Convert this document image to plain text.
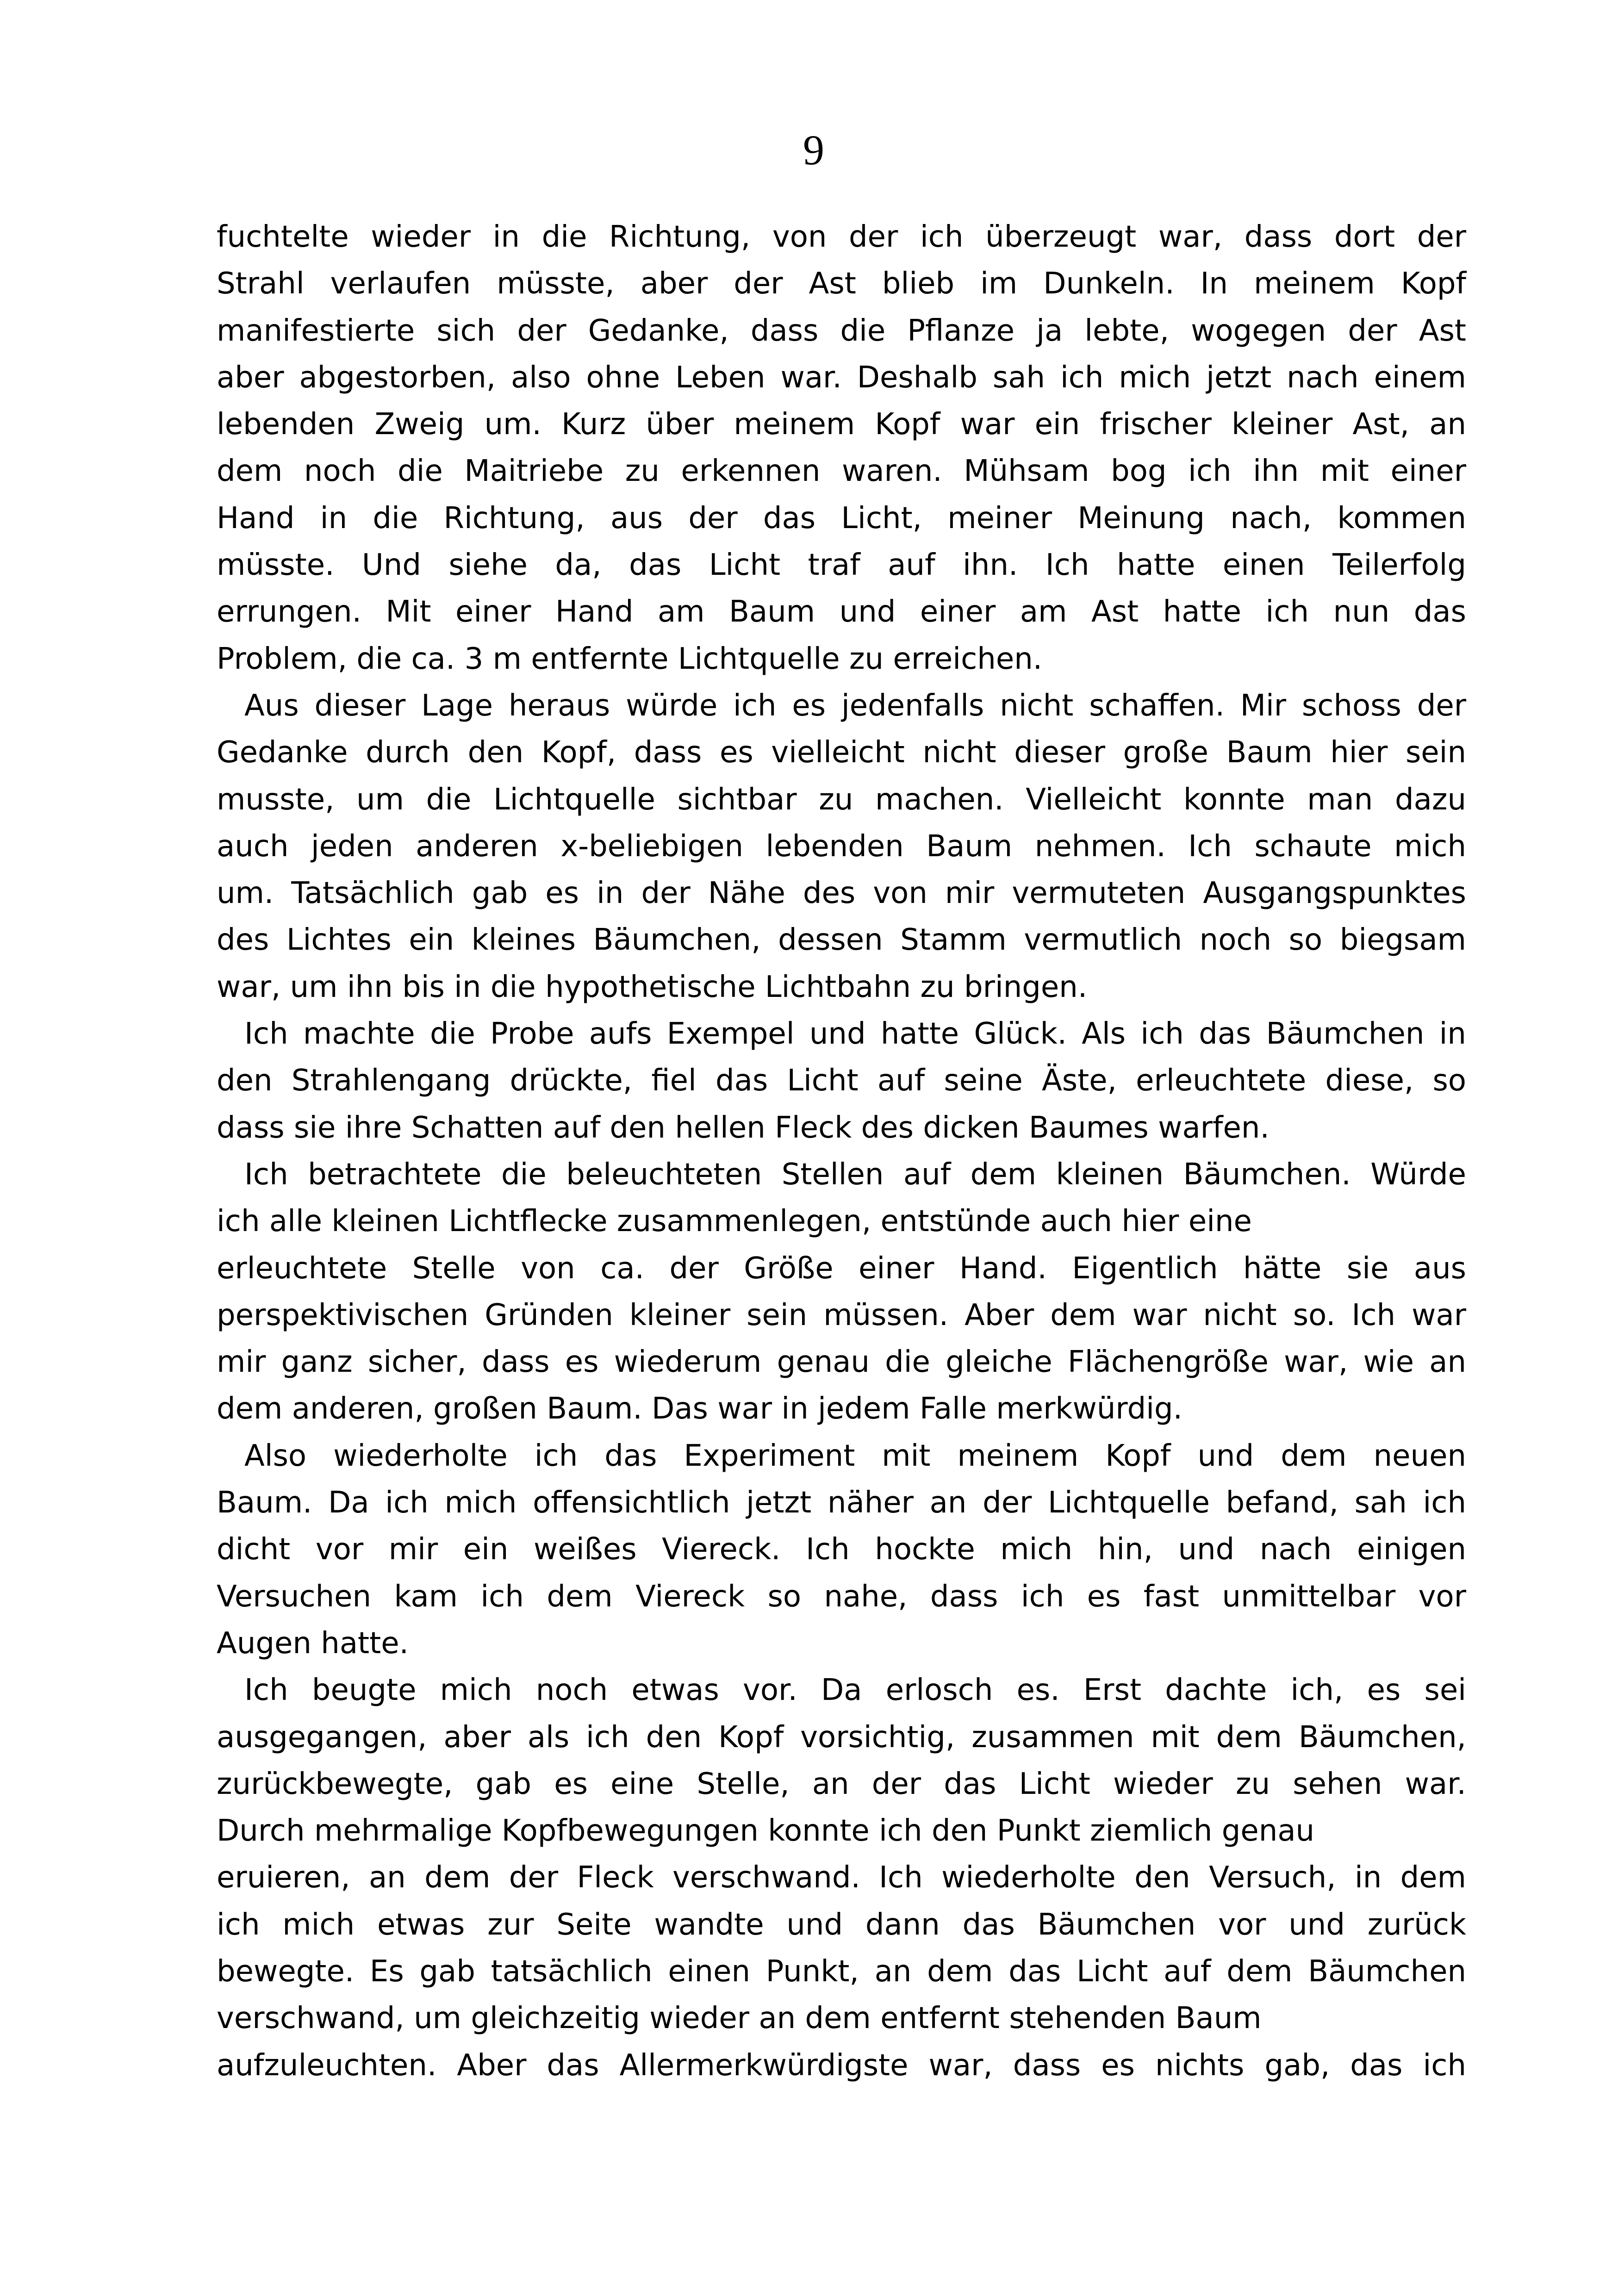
9
fuchtelte wieder in die Richtung, von der ich überzeugt war, dass dort der
Strahl verlaufen müsste, aber der Ast blieb im Dunkeln. In meinem Kopf
manifestierte sich der Gedanke, dass die Pflanze ja lebte, wogegen der Ast
aber abgestorben, also ohne Leben war. Deshalb sah ich mich jetzt nach einem
lebenden Zweig um. Kurz über meinem Kopf war ein frischer kleiner Ast, an
dem noch die Maitriebe zu erkennen waren. Mühsam bog ich ihn mit einer
Hand in die Richtung, aus der das Licht, meiner Meinung nach, kommen
müsste. Und siehe da, das Licht traf auf ihn. Ich hatte einen Teilerfolg
errungen. Mit einer Hand am Baum und einer am Ast hatte ich nun das
Problem, die ca. 3 m entfernte Lichtquelle zu erreichen.
Aus dieser Lage heraus würde ich es jedenfalls nicht schaffen. Mir schoss der
Gedanke durch den Kopf, dass es vielleicht nicht dieser große Baum hier sein
musste, um die Lichtquelle sichtbar zu machen. Vielleicht konnte man dazu
auch jeden anderen x-beliebigen lebenden Baum nehmen. Ich schaute mich
um. Tatsächlich gab es in der Nähe des von mir vermuteten Ausgangspunktes
des Lichtes ein kleines Bäumchen, dessen Stamm vermutlich noch so biegsam
war, um ihn bis in die hypothetische Lichtbahn zu bringen.
Ich machte die Probe aufs Exempel und hatte Glück. Als ich das Bäumchen in
den Strahlengang drückte, fiel das Licht auf seine Äste, erleuchtete diese, so
dass sie ihre Schatten auf den hellen Fleck des dicken Baumes warfen.
Ich betrachtete die beleuchteten Stellen auf dem kleinen Bäumchen. Würde
ich alle kleinen Lichtflecke zusammenlegen, entstünde auch hier eine
erleuchtete Stelle von ca. der Größe einer Hand. Eigentlich hätte sie aus
perspektivischen Gründen kleiner sein müssen. Aber dem war nicht so. Ich war
mir ganz sicher, dass es wiederum genau die gleiche Flächengröße war, wie an
dem anderen, großen Baum. Das war in jedem Falle merkwürdig.
Also wiederholte ich das Experiment mit meinem Kopf und dem neuen
Baum. Da ich mich offensichtlich jetzt näher an der Lichtquelle befand, sah ich
dicht vor mir ein weißes Viereck. Ich hockte mich hin, und nach einigen
Versuchen kam ich dem Viereck so nahe, dass ich es fast unmittelbar vor
Augen hatte.
Ich beugte mich noch etwas vor. Da erlosch es. Erst dachte ich, es sei
ausgegangen, aber als ich den Kopf vorsichtig, zusammen mit dem Bäumchen,
zurückbewegte, gab es eine Stelle, an der das Licht wieder zu sehen war.
Durch mehrmalige Kopfbewegungen konnte ich den Punkt ziemlich genau
eruieren, an dem der Fleck verschwand. Ich wiederholte den Versuch, in dem
ich mich etwas zur Seite wandte und dann das Bäumchen vor und zurück
bewegte. Es gab tatsächlich einen Punkt, an dem das Licht auf dem Bäumchen
verschwand, um gleichzeitig wieder an dem entfernt stehenden Baum
aufzuleuchten. Aber das Allermerkwürdigste war, dass es nichts gab, das ich
